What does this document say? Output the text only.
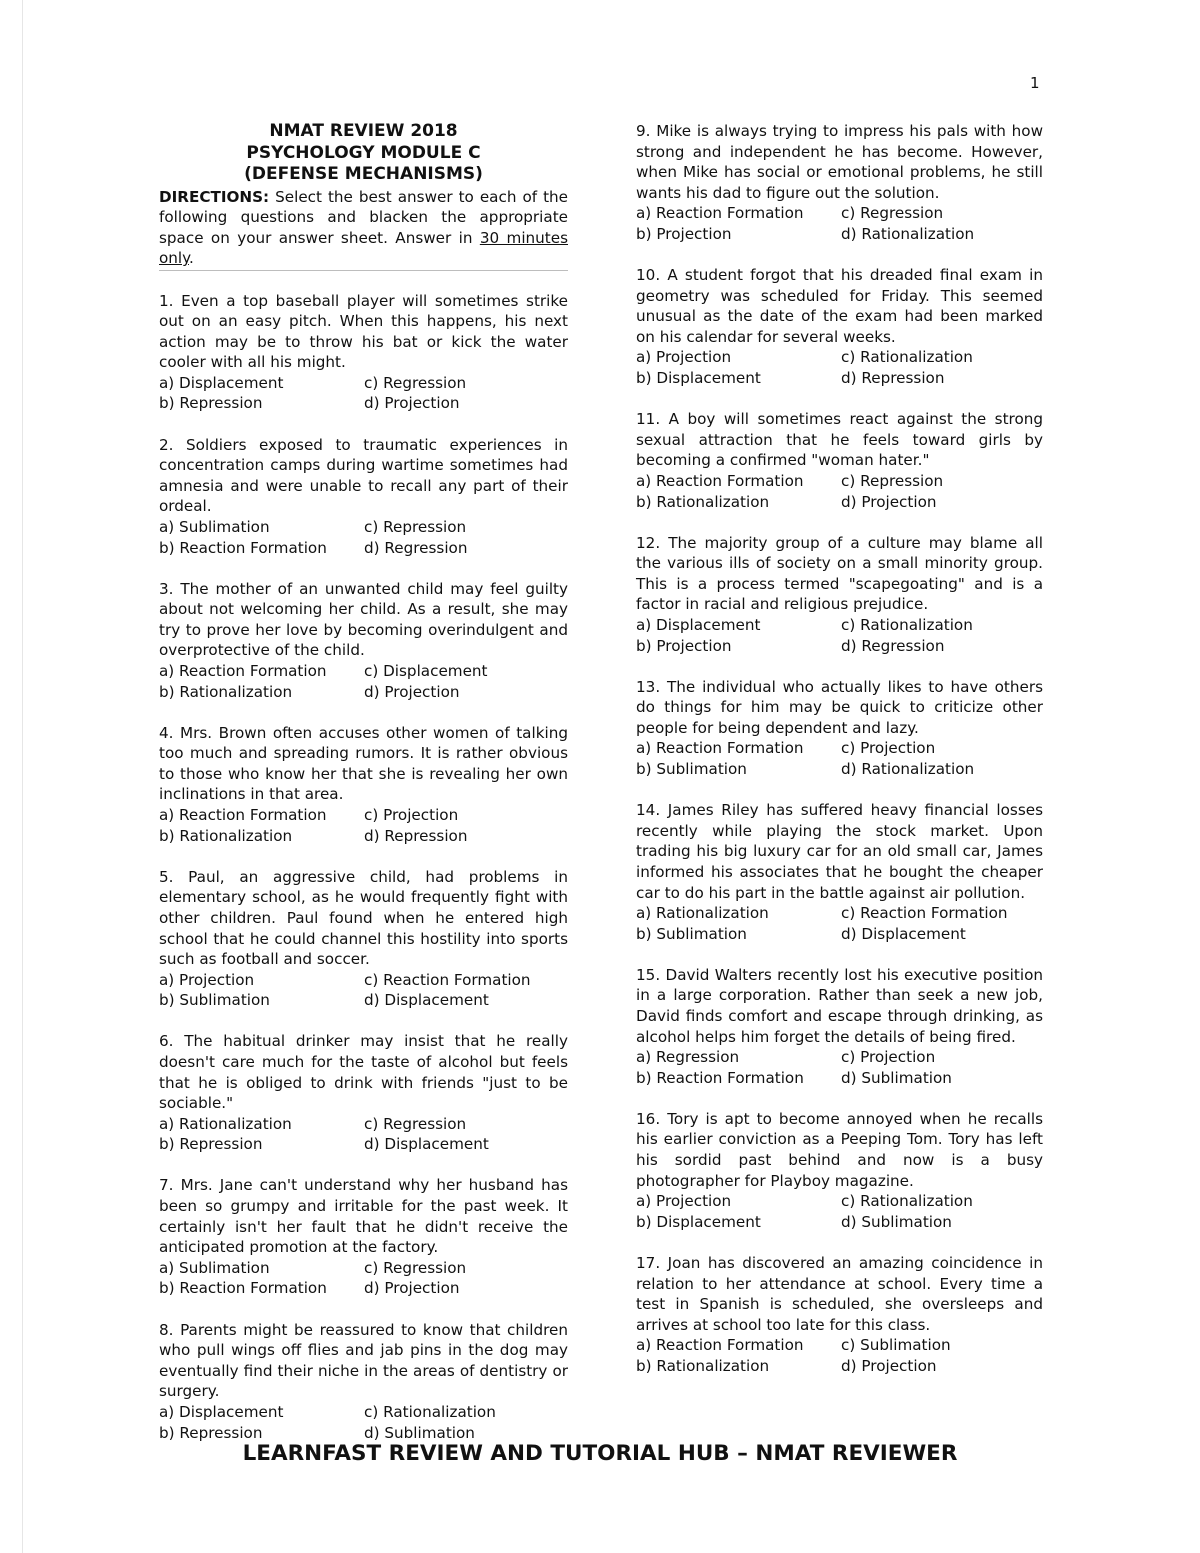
1
NMAT REVIEW 2018
PSYCHOLOGY MODULE C
(DEFENSE MECHANISMS)
DIRECTIONS: Select the best answer to each of the following questions and blacken the appropriate space on your answer sheet. Answer in 30 minutes only.
1. Even a top baseball player will sometimes strike out on an easy pitch. When this happens, his next action may be to throw his bat or kick the water cooler with all his might.
a) Displacement	c) Regression
b) Repression	d) Projection
2. Soldiers exposed to traumatic experiences in concentration camps during wartime sometimes had amnesia and were unable to recall any part of their ordeal.
a) Sublimation	c) Repression
b) Reaction Formation	d) Regression
3. The mother of an unwanted child may feel guilty about not welcoming her child. As a result, she may try to prove her love by becoming overindulgent and overprotective of the child.
a) Reaction Formation	c) Displacement
b) Rationalization	d) Projection
4. Mrs. Brown often accuses other women of talking too much and spreading rumors. It is rather obvious to those who know her that she is revealing her own inclinations in that area.
a) Reaction Formation	c) Projection
b) Rationalization	d) Repression
5. Paul, an aggressive child, had problems in elementary school, as he would frequently fight with other children. Paul found when he entered high school that he could channel this hostility into sports such as football and soccer.
a) Projection	c) Reaction Formation
b) Sublimation	d) Displacement
6. The habitual drinker may insist that he really doesn't care much for the taste of alcohol but feels that he is obliged to drink with friends "just to be sociable."
a) Rationalization	c) Regression
b) Repression	d) Displacement
7. Mrs. Jane can't understand why her husband has been so grumpy and irritable for the past week. It certainly isn't her fault that he didn't receive the anticipated promotion at the factory.
a) Sublimation	c) Regression
b) Reaction Formation	d) Projection
8. Parents might be reassured to know that children who pull wings off flies and jab pins in the dog may eventually find their niche in the areas of dentistry or surgery.
a) Displacement	c) Rationalization
b) Repression	d) Sublimation
9. Mike is always trying to impress his pals with how strong and independent he has become. However, when Mike has social or emotional problems, he still wants his dad to figure out the solution.
a) Reaction Formation	c) Regression
b) Projection	d) Rationalization
10. A student forgot that his dreaded final exam in geometry was scheduled for Friday. This seemed unusual as the date of the exam had been marked on his calendar for several weeks.
a) Projection	c) Rationalization
b) Displacement	d) Repression
11. A boy will sometimes react against the strong sexual attraction that he feels toward girls by becoming a confirmed "woman hater."
a) Reaction Formation	c) Repression
b) Rationalization	d) Projection
12. The majority group of a culture may blame all the various ills of society on a small minority group. This is a process termed "scapegoating" and is a factor in racial and religious prejudice.
a) Displacement	c) Rationalization
b) Projection	d) Regression
13. The individual who actually likes to have others do things for him may be quick to criticize other people for being dependent and lazy.
a) Reaction Formation	c) Projection
b) Sublimation	d) Rationalization
14. James Riley has suffered heavy financial losses recently while playing the stock market. Upon trading his big luxury car for an old small car, James informed his associates that he bought the cheaper car to do his part in the battle against air pollution.
a) Rationalization	c) Reaction Formation
b) Sublimation	d) Displacement
15. David Walters recently lost his executive position in a large corporation. Rather than seek a new job, David finds comfort and escape through drinking, as alcohol helps him forget the details of being fired.
a) Regression	c) Projection
b) Reaction Formation	d) Sublimation
16. Tory is apt to become annoyed when he recalls his earlier conviction as a Peeping Tom. Tory has left his sordid past behind and now is a busy photographer for Playboy magazine.
a) Projection	c) Rationalization
b) Displacement	d) Sublimation
17. Joan has discovered an amazing coincidence in relation to her attendance at school. Every time a test in Spanish is scheduled, she oversleeps and arrives at school too late for this class.
a) Reaction Formation	c) Sublimation
b) Rationalization	d) Projection
LEARNFAST REVIEW AND TUTORIAL HUB – NMAT REVIEWER
